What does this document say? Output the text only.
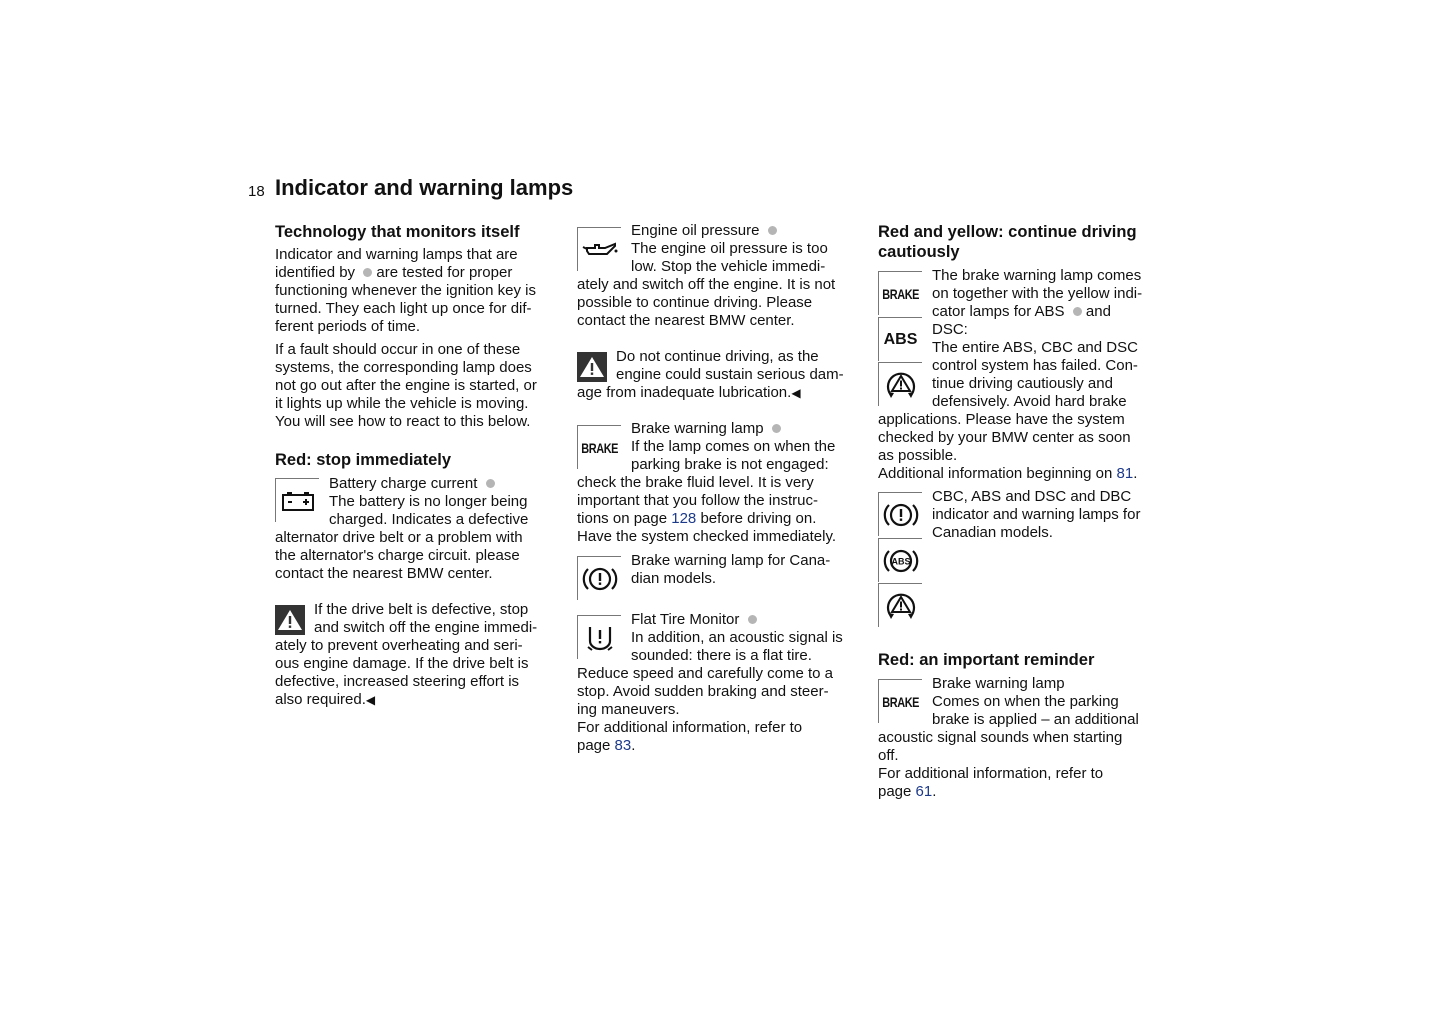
18 Indicator and warning lamps
Technology that monitors itself
Indicator and warning lamps that are
identified by are tested for proper
functioning whenever the ignition key is
turned. They each light up once for dif-
ferent periods of time.
If a fault should occur in one of these
systems, the corresponding lamp does
not go out after the engine is started, or
it lights up while the vehicle is moving.
You will see how to react to this below.
Red: stop immediately
Battery charge current
The battery is no longer being
charged. Indicates a defective
alternator drive belt or a problem with
the alternator's charge circuit. please
contact the nearest BMW center.
If the drive belt is defective, stop
and switch off the engine immedi-
ately to prevent overheating and seri-
ous engine damage. If the drive belt is
defective, increased steering effort is
also required.◀
Engine oil pressure
The engine oil pressure is too
low. Stop the vehicle immedi-
ately and switch off the engine. It is not
possible to continue driving. Please
contact the nearest BMW center.
Do not continue driving, as the
engine could sustain serious dam-
age from inadequate lubrication.◀
BRAKE
Brake warning lamp
If the lamp comes on when the
parking brake is not engaged:
check the brake fluid level. It is very
important that you follow the instruc-
tions on page 128 before driving on.
Have the system checked immediately.
Brake warning lamp for Cana-
dian models.
Flat Tire Monitor
In addition, an acoustic signal is
sounded: there is a flat tire.
Reduce speed and carefully come to a
stop. Avoid sudden braking and steer-
ing maneuvers.
For additional information, refer to
page 83.
Red and yellow: continue driving
cautiously
BRAKE
ABS
The brake warning lamp comes
on together with the yellow indi-
cator lamps for ABS and
DSC:
The entire ABS, CBC and DSC
control system has failed. Con-
tinue driving cautiously and
defensively. Avoid hard brake
applications. Please have the system
checked by your BMW center as soon
as possible.
Additional information beginning on 81.
ABS
CBC, ABS and DSC and DBC
indicator and warning lamps for
Canadian models.
Red: an important reminder
BRAKE
Brake warning lamp
Comes on when the parking
brake is applied – an additional
acoustic signal sounds when starting
off.
For additional information, refer to
page 61.
